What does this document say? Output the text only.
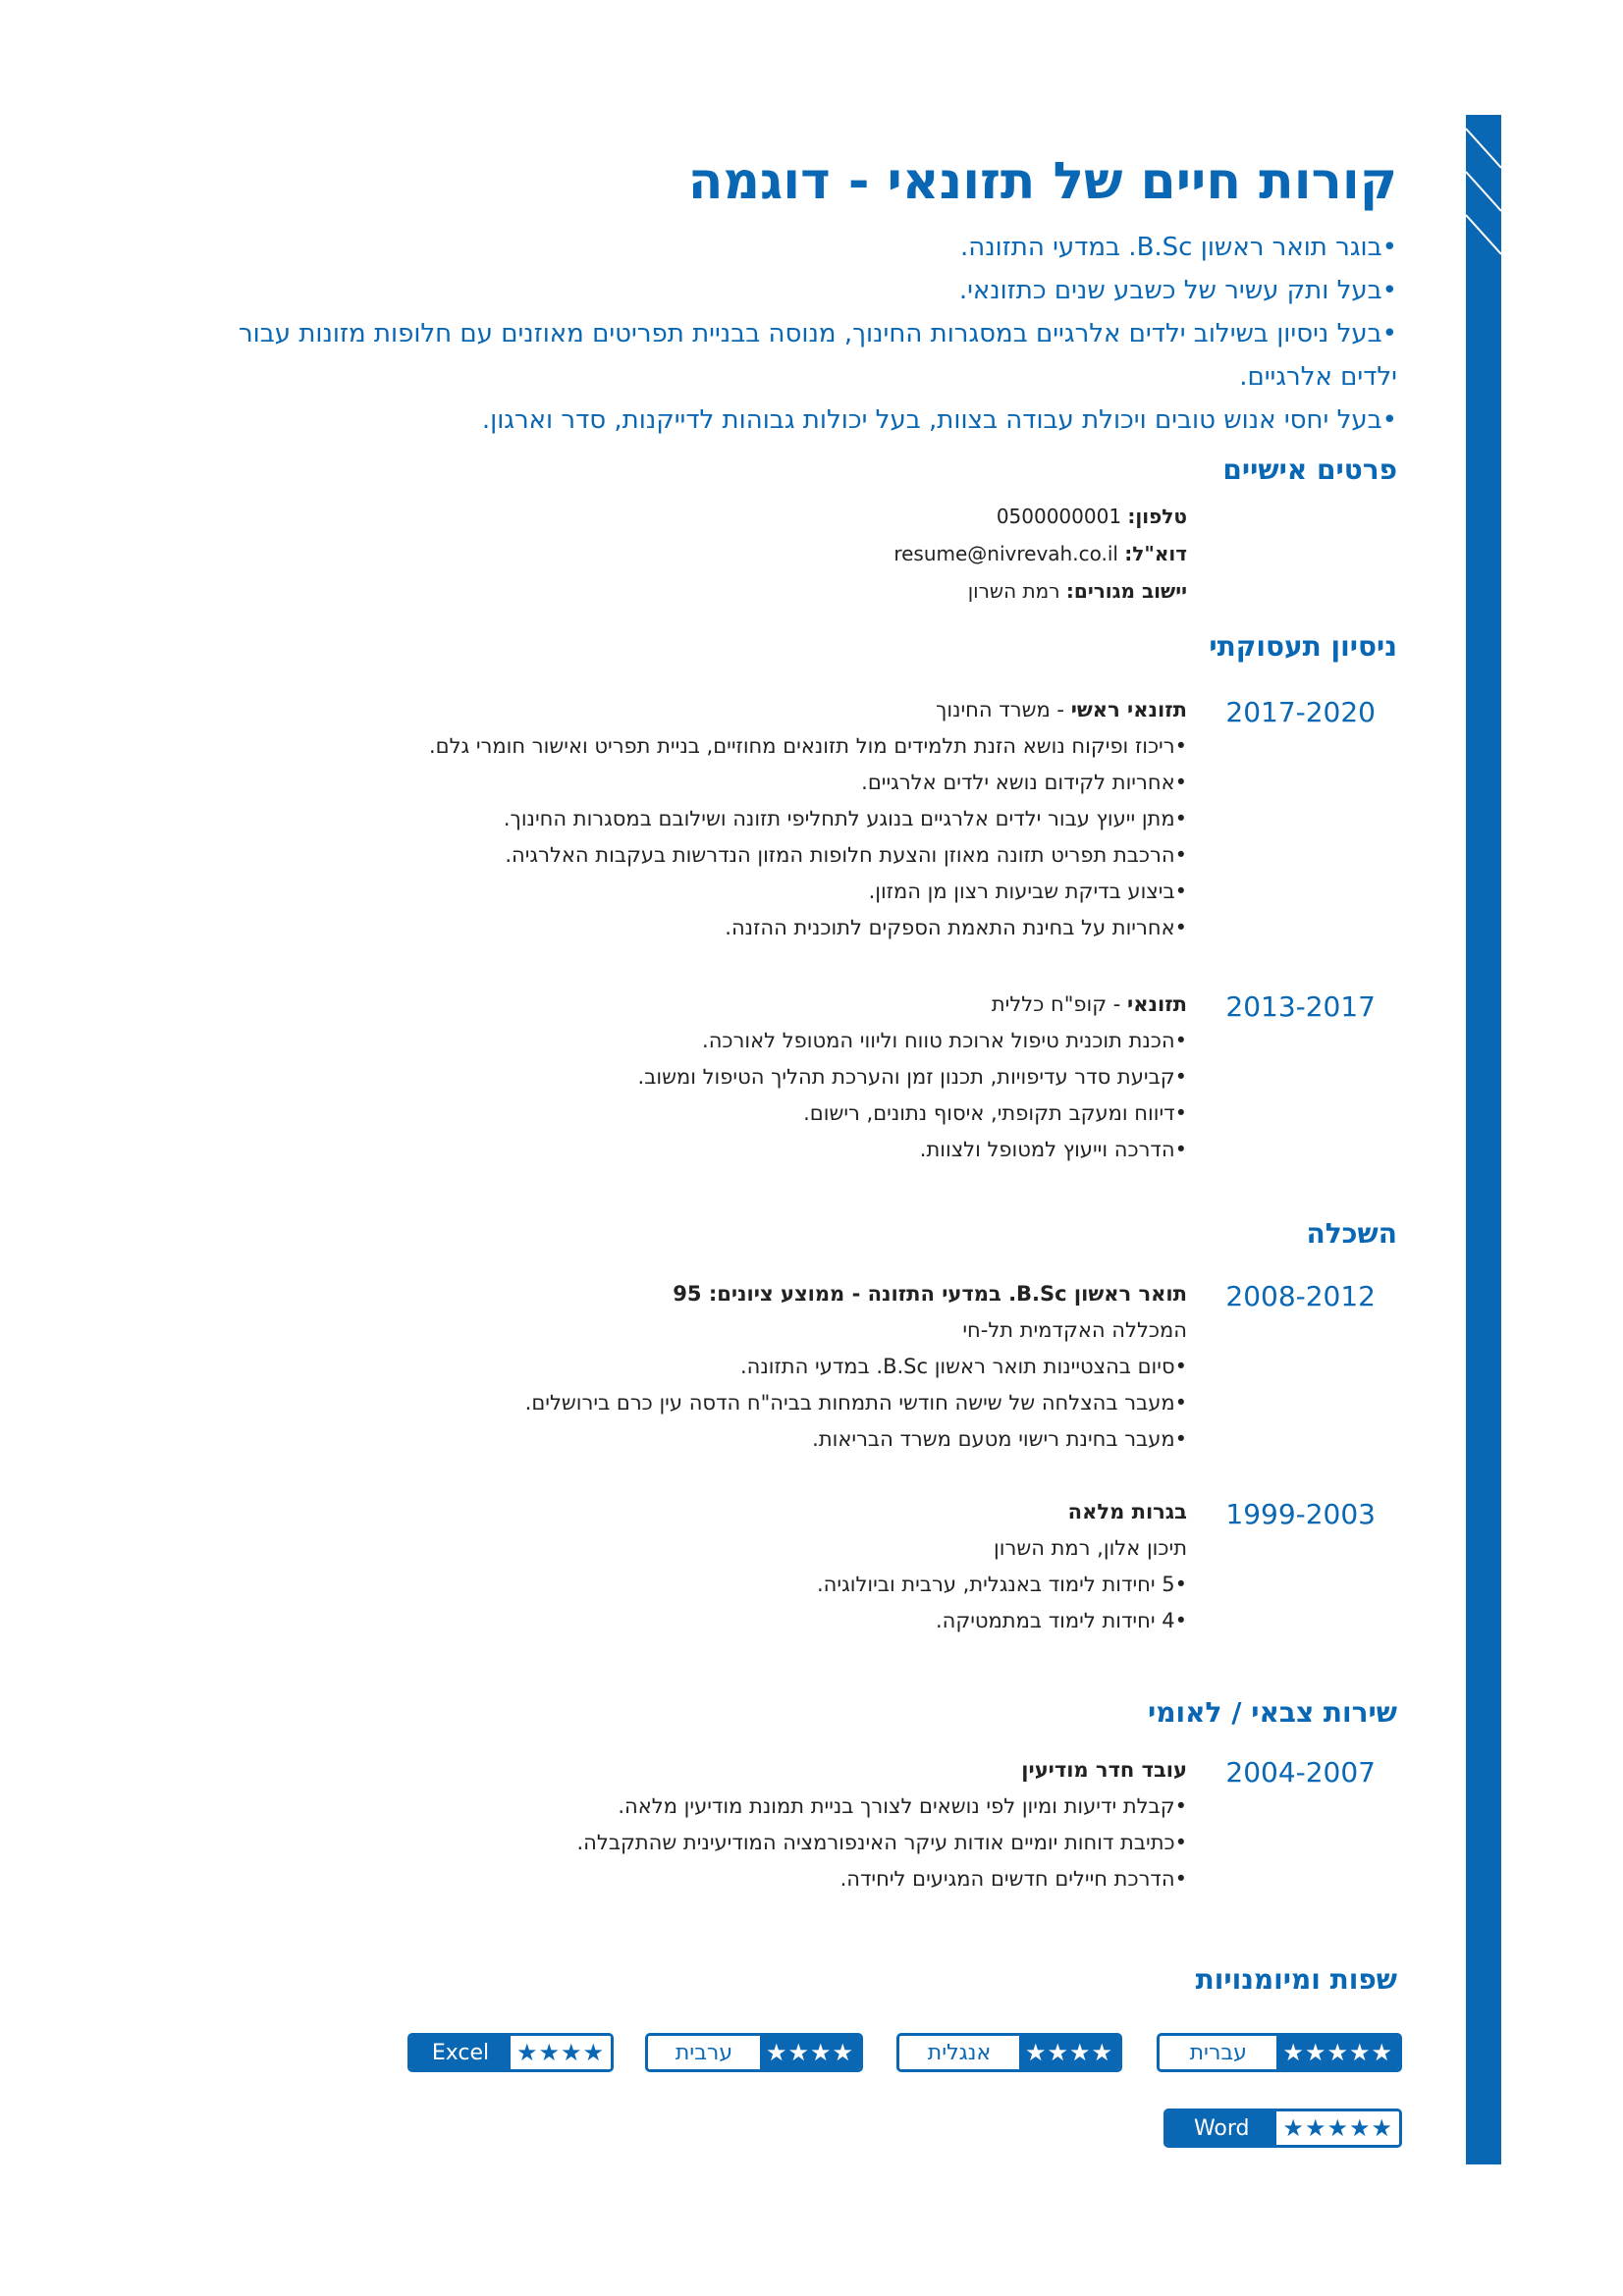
קורות חיים של תזונאי - דוגמה
•בוגר תואר ראשון B.Sc. במדעי התזונה.
•בעל ותק עשיר של כשבע שנים כתזונאי.
•בעל ניסיון בשילוב ילדים אלרגיים במסגרות החינוך, מנוסה בבניית תפריטים מאוזנים עם חלופות מזונות עבור ילדים אלרגיים.
•בעל יחסי אנוש טובים ויכולת עבודה בצוות, בעל יכולות גבוהות לדייקנות, סדר וארגון.
פרטים אישיים
טלפון: 0500000001
דוא"ל: resume@nivrevah.co.il
יישוב מגורים: רמת השרון
ניסיון תעסוקתי
2017-2020
תזונאי ראשי - משרד החינוך
•ריכוז ופיקוח נושא הזנת תלמידים מול תזונאים מחוזיים, בניית תפריט ואישור חומרי גלם.
•אחריות לקידום נושא ילדים אלרגיים.
•מתן ייעוץ עבור ילדים אלרגיים בנוגע לתחליפי תזונה ושילובם במסגרות החינוך.
•הרכבת תפריט תזונה מאוזן והצעת חלופות המזון הנדרשות בעקבות האלרגיה.
•ביצוע בדיקת שביעות רצון מן המזון.
•אחריות על בחינת התאמת הספקים לתוכנית ההזנה.
2013-2017
תזונאי - קופ"ח כללית
•הכנת תוכנית טיפול ארוכת טווח וליווי המטופל לאורכה.
•קביעת סדר עדיפויות, תכנון זמן והערכת תהליך הטיפול ומשוב.
•דיווח ומעקב תקופתי, איסוף נתונים, רישום.
•הדרכה וייעוץ למטופל ולצוות.
השכלה
2008-2012
תואר ראשון B.Sc. במדעי התזונה - ממוצע ציונים: 95
המכללה האקדמית תל-חי
•סיום בהצטיינות תואר ראשון B.Sc. במדעי התזונה.
•מעבר בהצלחה של שישה חודשי התמחות בביה"ח הדסה עין כרם בירושלים.
•מעבר בחינת רישוי מטעם משרד הבריאות.
1999-2003
בגרות מלאה
תיכון אלון, רמת השרון
•5 יחידות לימוד באנגלית, ערבית וביולוגיה.
•4 יחידות לימוד במתמטיקה.
שירות צבאי / לאומי
2004-2007
עובד חדר מודיעין
•קבלת ידיעות ומיון לפי נושאים לצורך בניית תמונת מודיעין מלאה.
•כתיבת דוחות יומיים אודות עיקר האינפורמציה המודיעינית שהתקבלה.
•הדרכת חיילים חדשים המגיעים ליחידה.
שפות ומיומנויות
עברית	★★★★★
אנגלית	★★★★
ערבית	★★★★
Excel	★★★★
Word	★★★★★
